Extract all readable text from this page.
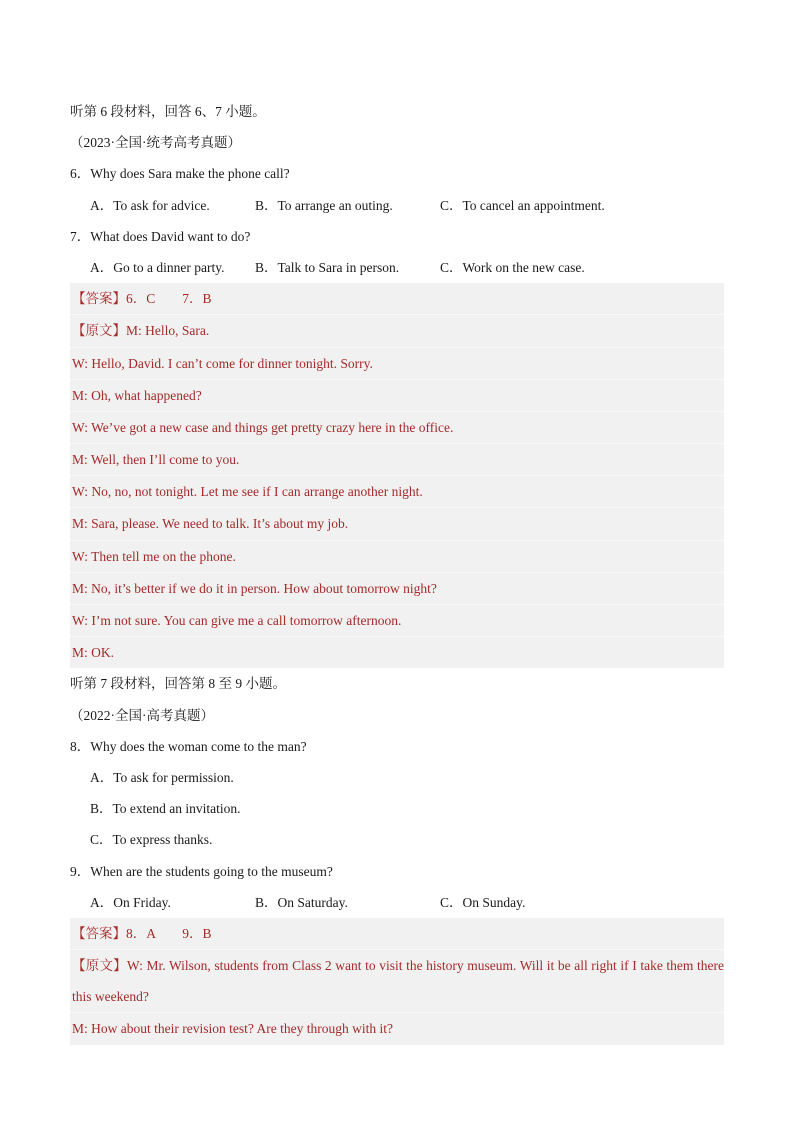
听第 6 段材料，回答 6、7 小题。
（2023·全国·统考高考真题）
6．Why does Sara make the phone call?
A．To ask for advice.	B．To arrange an outing.	C．To cancel an appointment.
7．What does David want to do?
A．Go to a dinner party.	B．Talk to Sara in person.	C．Work on the new case.
【答案】6．C　　7．B
【原文】M: Hello, Sara.
W: Hello, David. I can’t come for dinner tonight. Sorry.
M: Oh, what happened?
W: We’ve got a new case and things get pretty crazy here in the office.
M: Well, then I’ll come to you.
W: No, no, not tonight. Let me see if I can arrange another night.
M: Sara, please. We need to talk. It’s about my job.
W: Then tell me on the phone.
M: No, it’s better if we do it in person. How about tomorrow night?
W: I’m not sure. You can give me a call tomorrow afternoon.
M: OK.
听第 7 段材料，回答第 8 至 9 小题。
（2022·全国·高考真题）
8．Why does the woman come to the man?
A．To ask for permission.
B．To extend an invitation.
C．To express thanks.
9．When are the students going to the museum?
A．On Friday.	B．On Saturday.	C．On Sunday.
【答案】8．A　　9．B
【原文】W: Mr. Wilson, students from Class 2 want to visit the history museum. Will it be all right if I take them there this weekend?
M: How about their revision test? Are they through with it?
